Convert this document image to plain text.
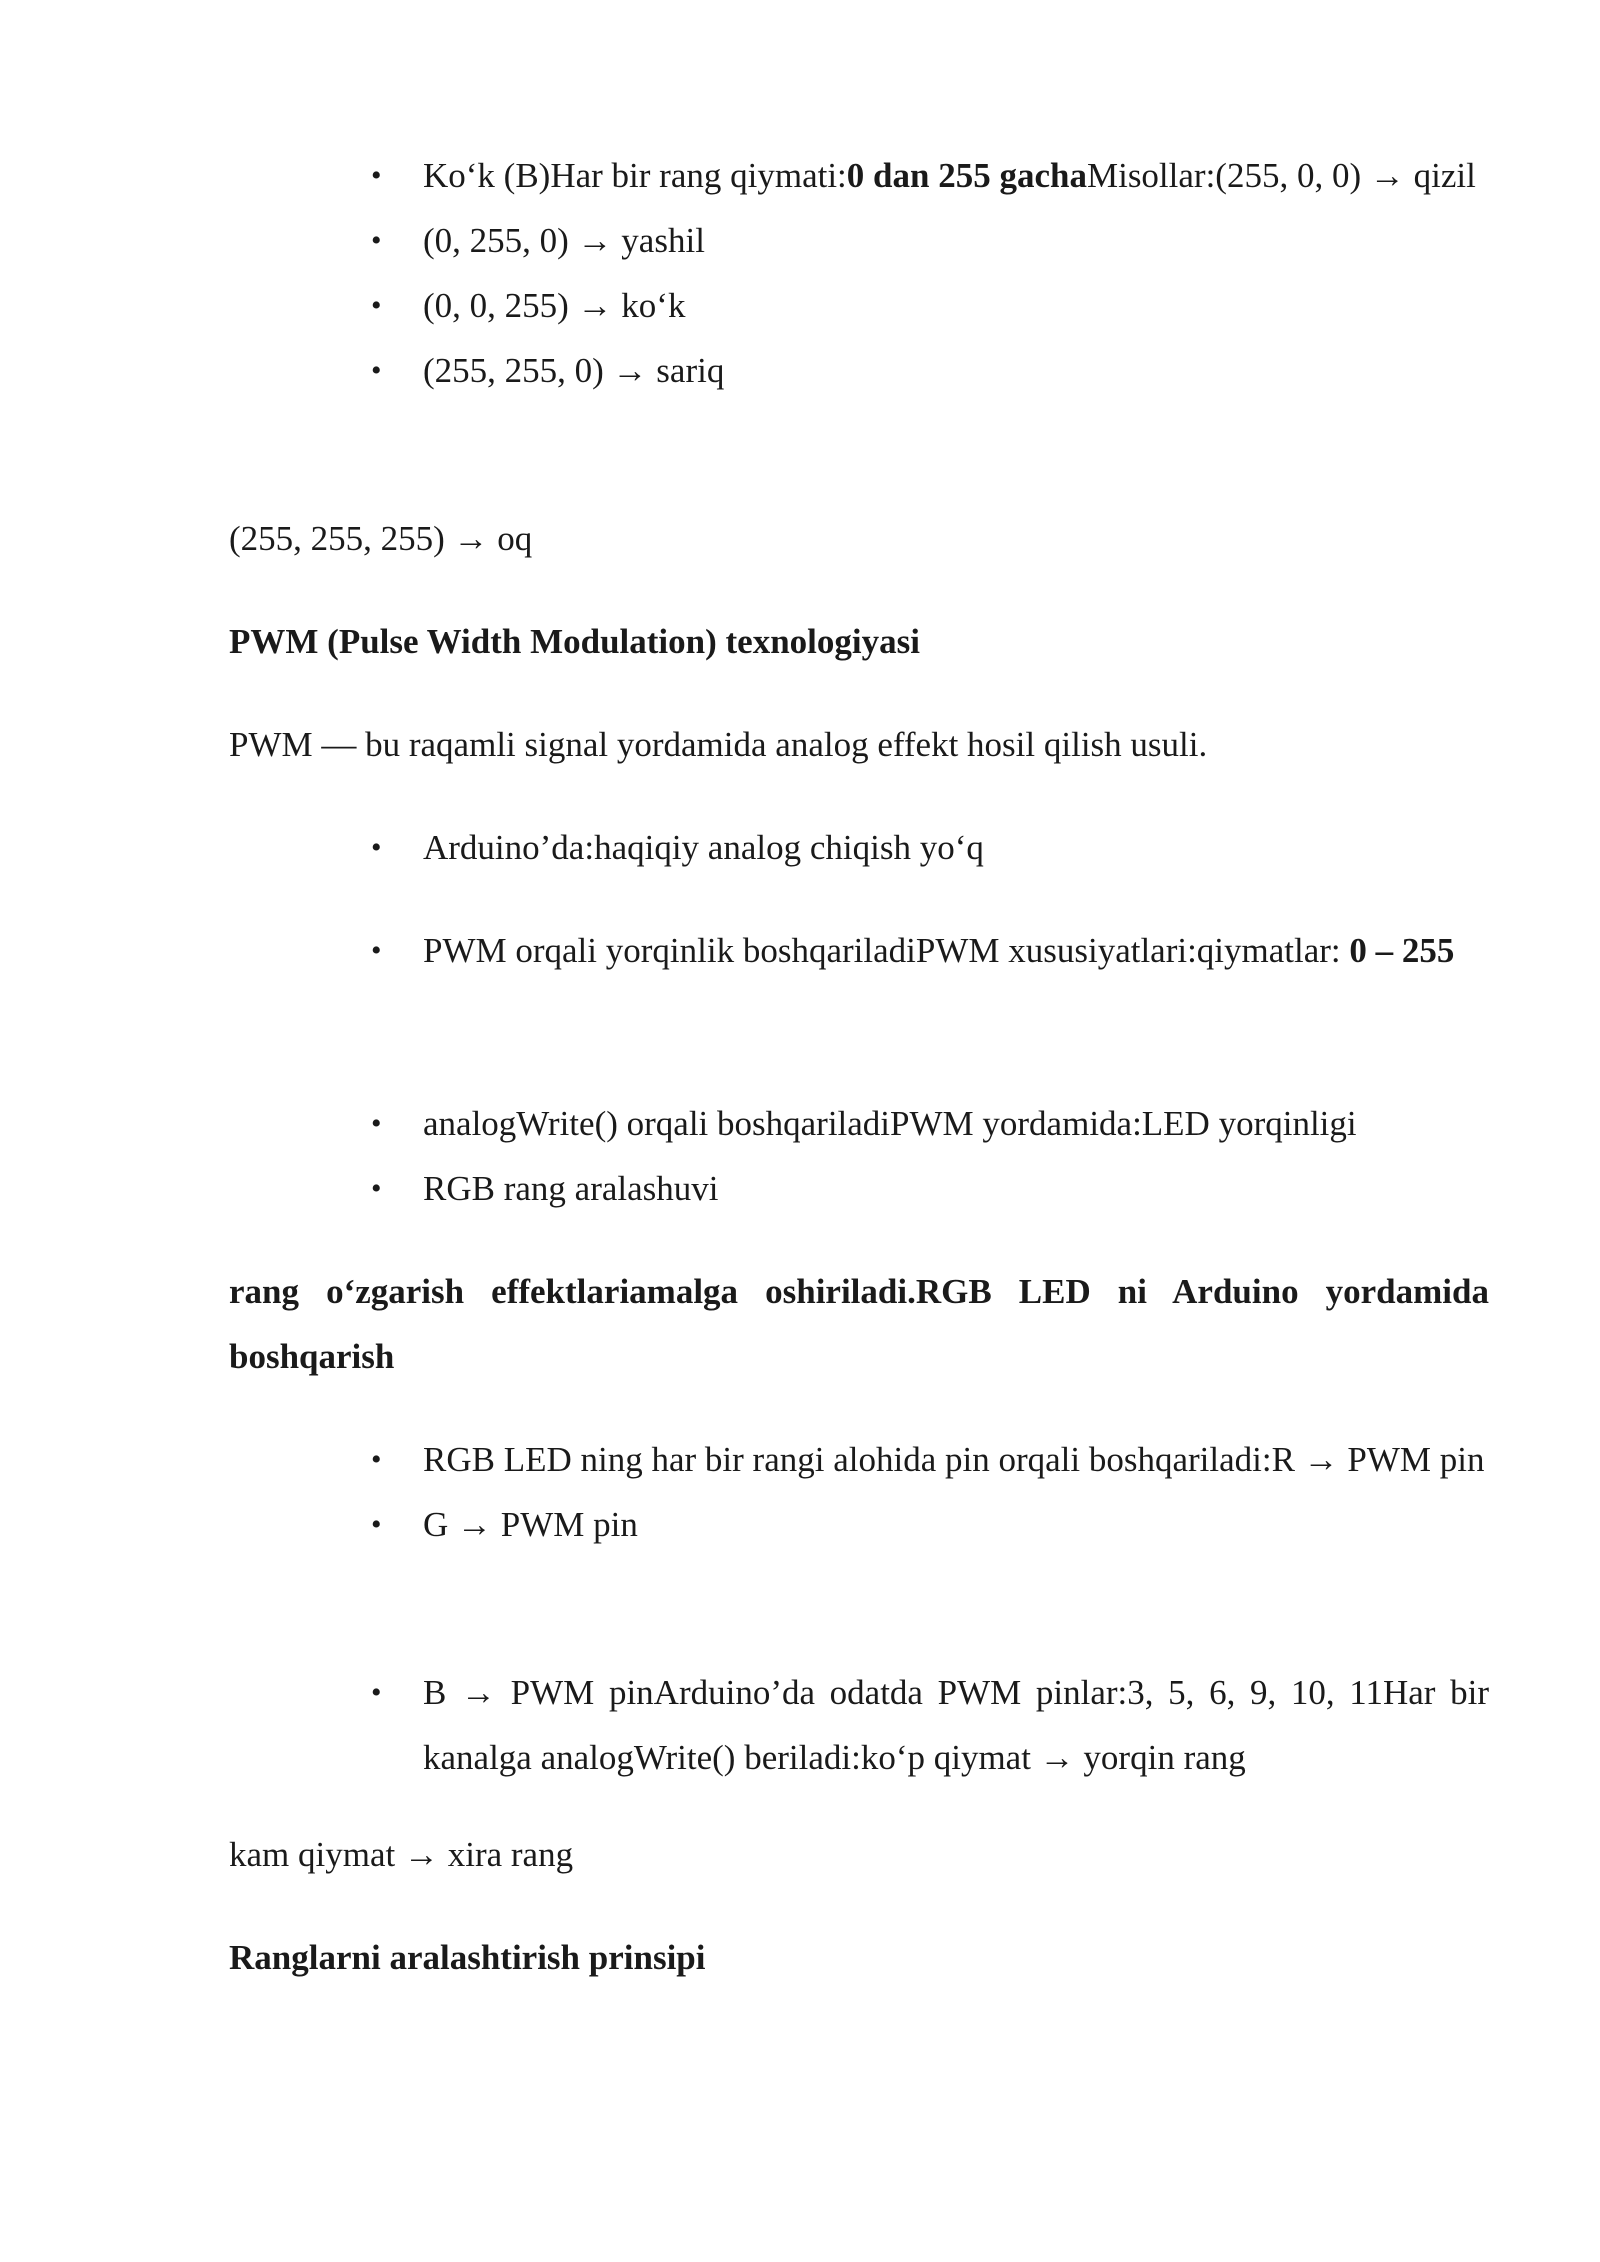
• Ko‘k (B)Har bir rang qiymati:0 dan 255 gachaMisollar:(255, 0, 0) → qizil
• (0, 255, 0) → yashil
• (0, 0, 255) → ko‘k
• (255, 255, 0) → sariq
(255, 255, 255) → oq
PWM (Pulse Width Modulation) texnologiyasi
PWM — bu raqamli signal yordamida analog effekt hosil qilish usuli.
• Arduino’da:haqiqiy analog chiqish yo‘q
• PWM orqali yorqinlik boshqariladiPWM xususiyatlari:qiymatlar: 0 – 255
• analogWrite() orqali boshqariladiPWM yordamida:LED yorqinligi
• RGB rang aralashuvi
rang o‘zgarish effektlariamalga oshiriladi.RGB LED ni Arduino yordamida boshqarish
• RGB LED ning har bir rangi alohida pin orqali boshqariladi:R → PWM pin
• G → PWM pin
• B → PWM pinArduino’da odatda PWM pinlar:3, 5, 6, 9, 10, 11Har bir kanalga analogWrite() beriladi:ko‘p qiymat → yorqin rang
kam qiymat → xira rang
Ranglarni aralashtirish prinsipi
